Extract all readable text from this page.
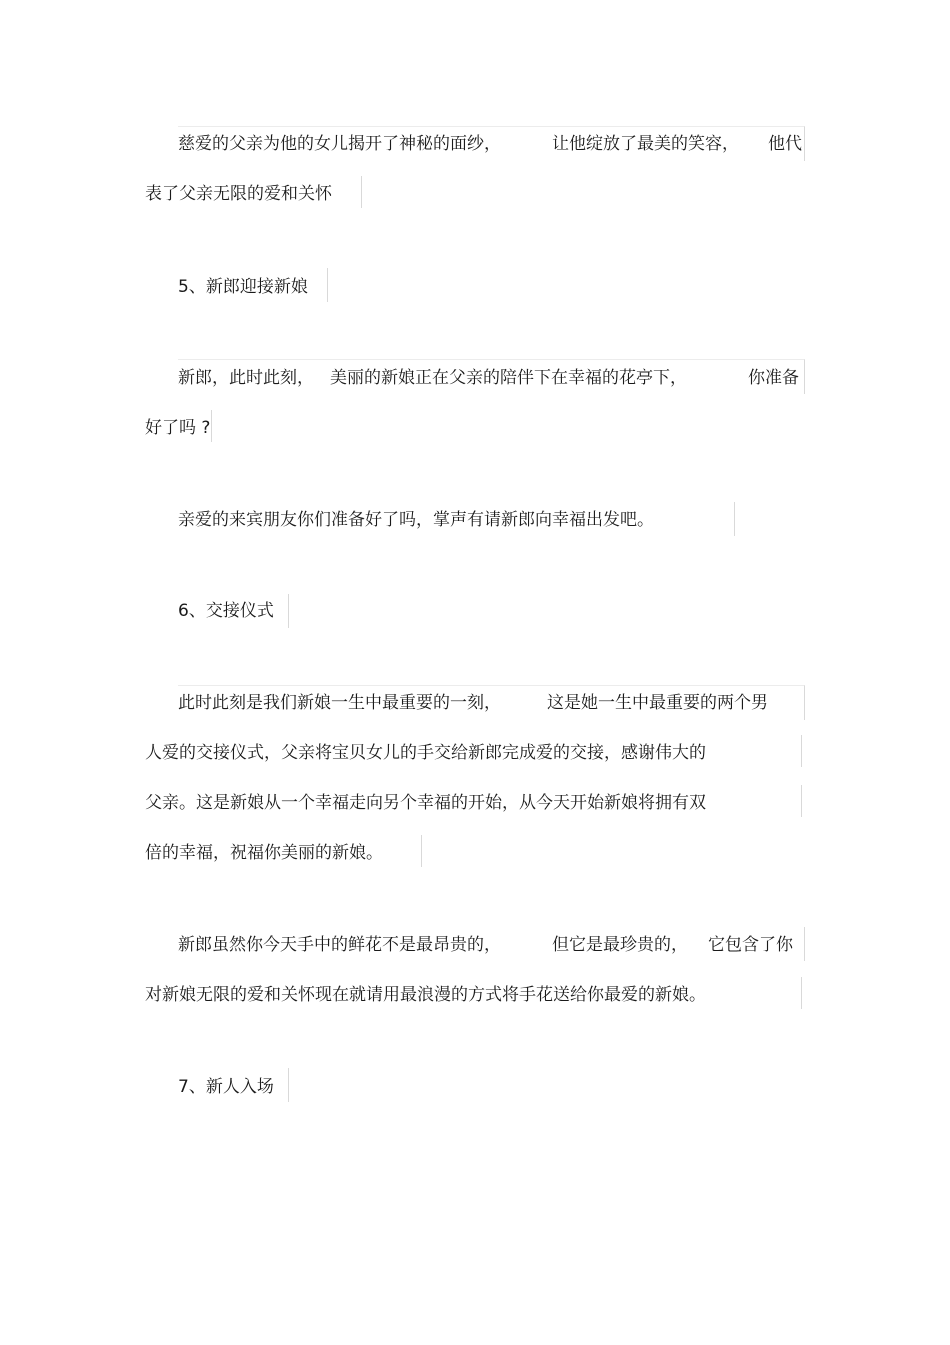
慈爱的父亲为他的女儿揭开了神秘的面纱，	让他绽放了最美的笑容， 他代
表了父亲无限的爱和关怀
5、新郎迎接新娘
新郎，此时此刻， 美丽的新娘正在父亲的陪伴下在幸福的花亭下，	你准备
好了吗 ?
亲爱的来宾朋友你们准备好了吗，掌声有请新郎向幸福出发吧。
6、交接仪式
此时此刻是我们新娘一生中最重要的一刻，	这是她一生中最重要的两个男
人爱的交接仪式，父亲将宝贝女儿的手交给新郎完成爱的交接，感谢伟大的
父亲。这是新娘从一个幸福走向另个幸福的开始，从今天开始新娘将拥有双
倍的幸福，祝福你美丽的新娘。
新郎虽然你今天手中的鲜花不是最昂贵的，	但它是最珍贵的， 它包含了你
对新娘无限的爱和关怀现在就请用最浪漫的方式将手花送给你最爱的新娘。
7、新人入场
